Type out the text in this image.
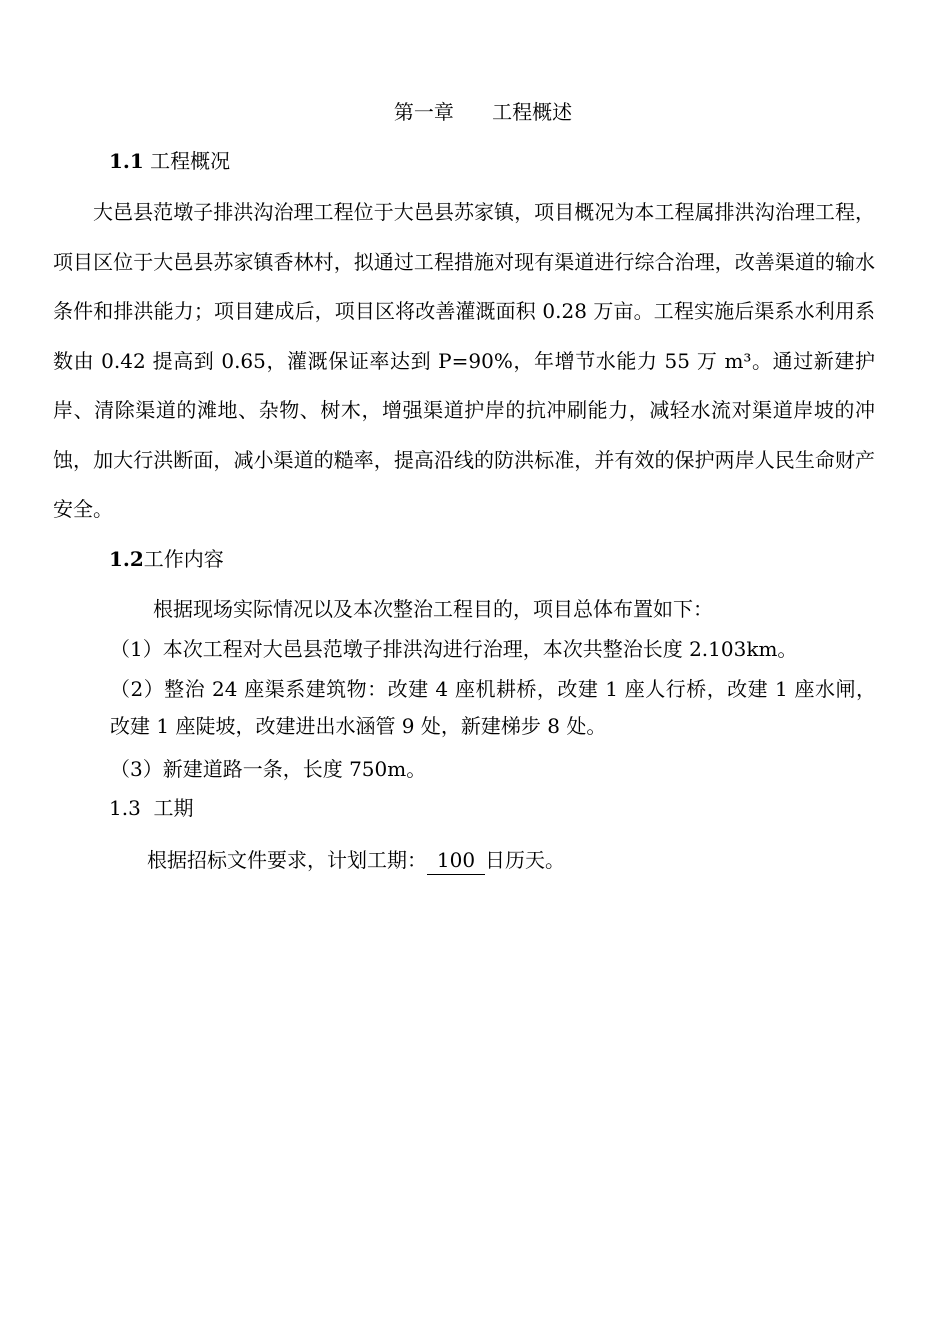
第一章      工程概述
1.1 工程概况
大邑县范墩子排洪沟治理工程位于大邑县苏家镇，项目概况为本工程属排洪沟治理工程，项目区位于大邑县苏家镇香林村，拟通过工程措施对现有渠道进行综合治理，改善渠道的输水条件和排洪能力；项目建成后，项目区将改善灌溉面积 0.28 万亩。工程实施后渠系水利用系数由 0.42 提高到 0.65，灌溉保证率达到 P=90%，年增节水能力 55 万 m³。通过新建护岸、清除渠道的滩地、杂物、树木，增强渠道护岸的抗冲刷能力，减轻水流对渠道岸坡的冲蚀，加大行洪断面，减小渠道的糙率，提高沿线的防洪标准，并有效的保护两岸人民生命财产安全。
1.2工作内容
根据现场实际情况以及本次整治工程目的，项目总体布置如下：
（1）本次工程对大邑县范墩子排洪沟进行治理，本次共整治长度 2.103km。
（2）整治 24 座渠系建筑物：改建 4 座机耕桥，改建 1 座人行桥，改建 1 座水闸，改建 1 座陡坡，改建进出水涵管 9 处，新建梯步 8 处。
（3）新建道路一条，长度 750m。
1.3 工期
根据招标文件要求，计划工期： 100 日历天。
